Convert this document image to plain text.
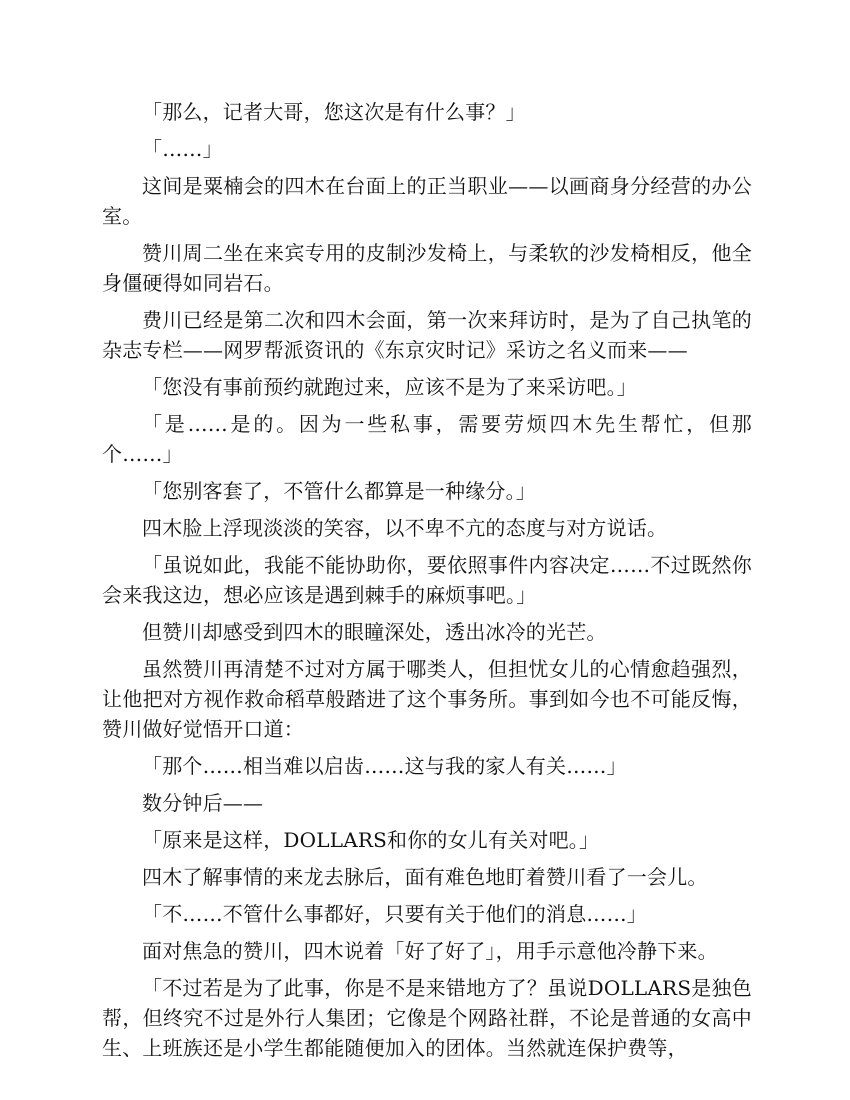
「那么，记者大哥，您这次是有什么事？」

「……」

这间是粟楠会的四木在台面上的正当职业——以画商身分经营的办公室。

赞川周二坐在来宾专用的皮制沙发椅上，与柔软的沙发椅相反，他全身僵硬得如同岩石。

费川已经是第二次和四木会面，第一次来拜访时，是为了自己执笔的杂志专栏——网罗帮派资讯的《东京灾时记》采访之名义而来——

「您没有事前预约就跑过来，应该不是为了来采访吧。」

「是……是的。因为一些私事，需要劳烦四木先生帮忙，但那个……」

「您别客套了，不管什么都算是一种缘分。」

四木脸上浮现淡淡的笑容，以不卑不亢的态度与对方说话。

「虽说如此，我能不能协助你，要依照事件内容决定……不过既然你会来我这边，想必应该是遇到棘手的麻烦事吧。」

但赞川却感受到四木的眼瞳深处，透出冰冷的光芒。

虽然赞川再清楚不过对方属于哪类人，但担忧女儿的心情愈趋强烈，让他把对方视作救命稻草般踏进了这个事务所。事到如今也不可能反悔，赞川做好觉悟开口道：

「那个……相当难以启齿……这与我的家人有关……」

数分钟后——

「原来是这样，DOLLARS和你的女儿有关对吧。」

四木了解事情的来龙去脉后，面有难色地盯着赞川看了一会儿。

「不……不管什么事都好，只要有关于他们的消息……」

面对焦急的赞川，四木说着「好了好了」，用手示意他冷静下来。

「不过若是为了此事，你是不是来错地方了？虽说DOLLARS是独色帮，但终究不过是外行人集团；它像是个网路社群，不论是普通的女高中生、上班族还是小学生都能随便加入的团体。当然就连保护费等，
